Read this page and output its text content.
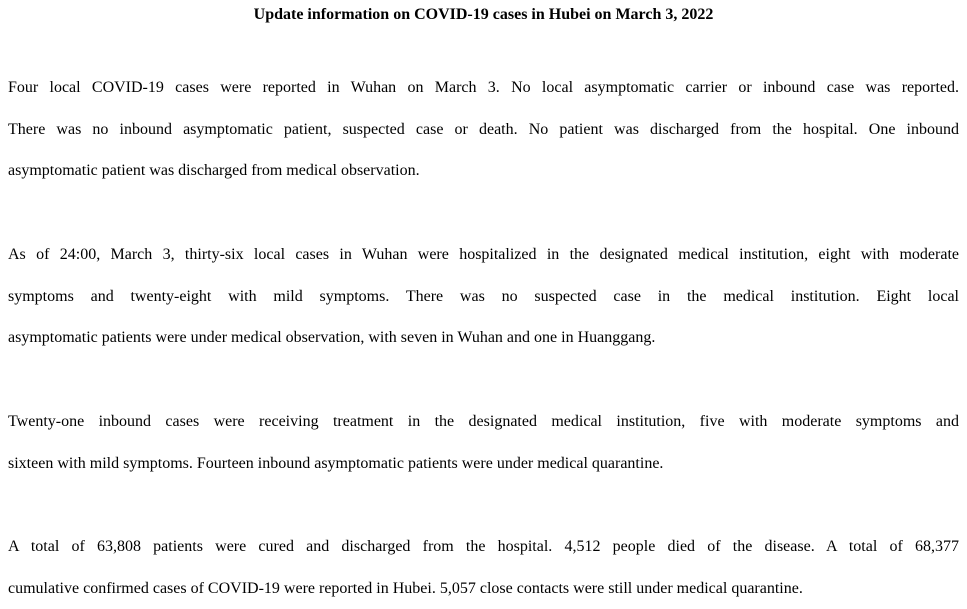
Update information on COVID-19 cases in Hubei on March 3, 2022
Four local COVID-19 cases were reported in Wuhan on March 3. No local asymptomatic carrier or inbound case was reported.
There was no inbound asymptomatic patient, suspected case or death. No patient was discharged from the hospital. One inbound
asymptomatic patient was discharged from medical observation.
As of 24:00, March 3, thirty-six local cases in Wuhan were hospitalized in the designated medical institution, eight with moderate
symptoms and twenty-eight with mild symptoms. There was no suspected case in the medical institution. Eight local
asymptomatic patients were under medical observation, with seven in Wuhan and one in Huanggang.
Twenty-one inbound cases were receiving treatment in the designated medical institution, five with moderate symptoms and
sixteen with mild symptoms. Fourteen inbound asymptomatic patients were under medical quarantine.
A total of 63,808 patients were cured and discharged from the hospital. 4,512 people died of the disease. A total of 68,377
cumulative confirmed cases of COVID-19 were reported in Hubei. 5,057 close contacts were still under medical quarantine.
